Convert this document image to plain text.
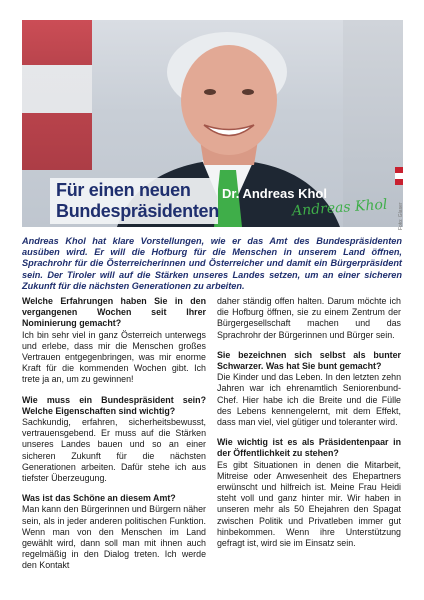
Für einen neuen
Bundespräsidenten
Dr. Andreas Khol
Andreas Khol Foto: Glaser

Andreas Khol hat klare Vorstellungen, wie er das Amt des Bundespräsidenten ausüben wird. Er will die Hofburg für die Menschen in unserem Land öffnen, Sprachrohr für die Österreicherinnen und Österreicher und damit ein Bürgerpräsident sein. Der Tiroler will auf die Stärken unseres Landes setzen, um an einer sicheren Zukunft für die nächsten Generationen zu arbeiten.

Welche Erfahrungen haben Sie in den vergangenen Wochen seit Ihrer Nominierung gemacht?

Ich bin sehr viel in ganz Österreich unterwegs und erlebe, dass mir die Menschen großes Vertrauen entgegenbringen, was mir enorme Kraft für die kommenden Wochen gibt. Ich trete ja an, um zu gewinnen!

Wie muss ein Bundespräsident sein? Welche Eigenschaften sind wichtig?

Sachkundig, erfahren, sicherheitsbewusst, vertrauensgebend. Er muss auf die Stärken unseres Landes bauen und so an einer sicheren Zukunft für die nächsten Generationen arbeiten. Dafür stehe ich aus tiefster Überzeugung.

Was ist das Schöne an diesem Amt?

Man kann den Bürgerinnen und Bürgern näher sein, als in jeder anderen politischen Funktion. Wenn man von den Menschen im Land gewählt wird, dann soll man mit ihnen auch regelmäßig in den Dialog treten. Ich werde den Kontakt

daher ständig offen halten. Darum möchte ich die Hofburg öffnen, sie zu einem Zentrum der Bürgergesellschaft machen und das Sprachrohr der Bürgerinnen und Bürger sein.

Sie bezeichnen sich selbst als bunter Schwarzer. Was hat Sie bunt gemacht?

Die Kinder und das Leben. In den letzten zehn Jahren war ich ehrenamtlich Seniorenbund-Chef. Hier habe ich die Breite und die Fülle des Lebens kennengelernt, mit dem Effekt, dass man viel, viel gütiger und toleranter wird.

Wie wichtig ist es als Präsidentenpaar in der Öffentlichkeit zu stehen?

Es gibt Situationen in denen die Mitarbeit, Mitreise oder Anwesenheit des Ehepartners erwünscht und hilfreich ist. Meine Frau Heidi steht voll und ganz hinter mir. Wir haben in unseren mehr als 50 Ehejahren den Spagat zwischen Politik und Privatleben immer gut hinbekommen. Wenn ihre Unterstützung gefragt ist, wird sie im Einsatz sein.
